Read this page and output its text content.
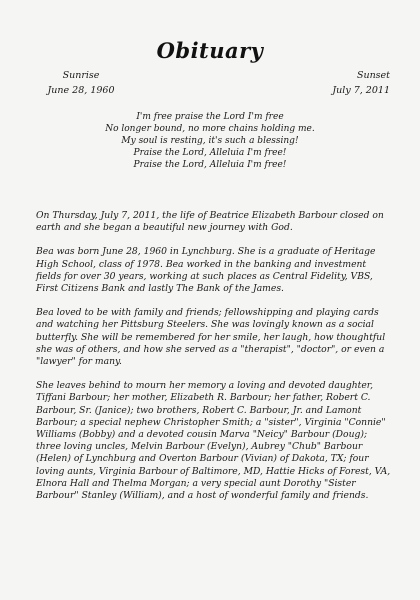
Obituary
Sunrise
June 28, 1960
Sunset
July 7, 2011
I'm free praise the Lord I'm free
No longer bound, no more chains holding me.
My soul is resting, it's such a blessing!
Praise the Lord, Alleluia I'm free!
Praise the Lord, Alleluia I'm free!

On Thursday, July 7, 2011, the life of Beatrice Elizabeth Barbour closed on earth and she began a beautiful new journey with God.

Bea was born June 28, 1960 in Lynchburg. She is a graduate of Heritage High School, class of 1978. Bea worked in the banking and investment fields for over 30 years, working at such places as Central Fidelity, VBS, First Citizens Bank and lastly The Bank of the James.

Bea loved to be with family and friends; fellowshipping and playing cards and watching her Pittsburg Steelers. She was lovingly known as a social butterfly. She will be remembered for her smile, her laugh, how thoughtful she was of others, and how she served as a "therapist", "doctor", or even a "lawyer" for many.

She leaves behind to mourn her memory a loving and devoted daughter, Tiffani Barbour; her mother, Elizabeth R. Barbour; her father, Robert C. Barbour, Sr. (Janice); two brothers, Robert C. Barbour, Jr. and Lamont Barbour; a special nephew Christopher Smith; a "sister", Virginia "Connie" Williams (Bobby) and a devoted cousin Marva "Neicy" Barbour (Doug); three loving uncles, Melvin Barbour (Evelyn), Aubrey "Chub" Barbour (Helen) of Lynchburg and Overton Barbour (Vivian) of Dakota, TX; four loving aunts, Virginia Barbour of Baltimore, MD, Hattie Hicks of Forest, VA, Elnora Hall and Thelma Morgan; a very special aunt Dorothy "Sister Barbour" Stanley (William), and a host of wonderful family and friends.
